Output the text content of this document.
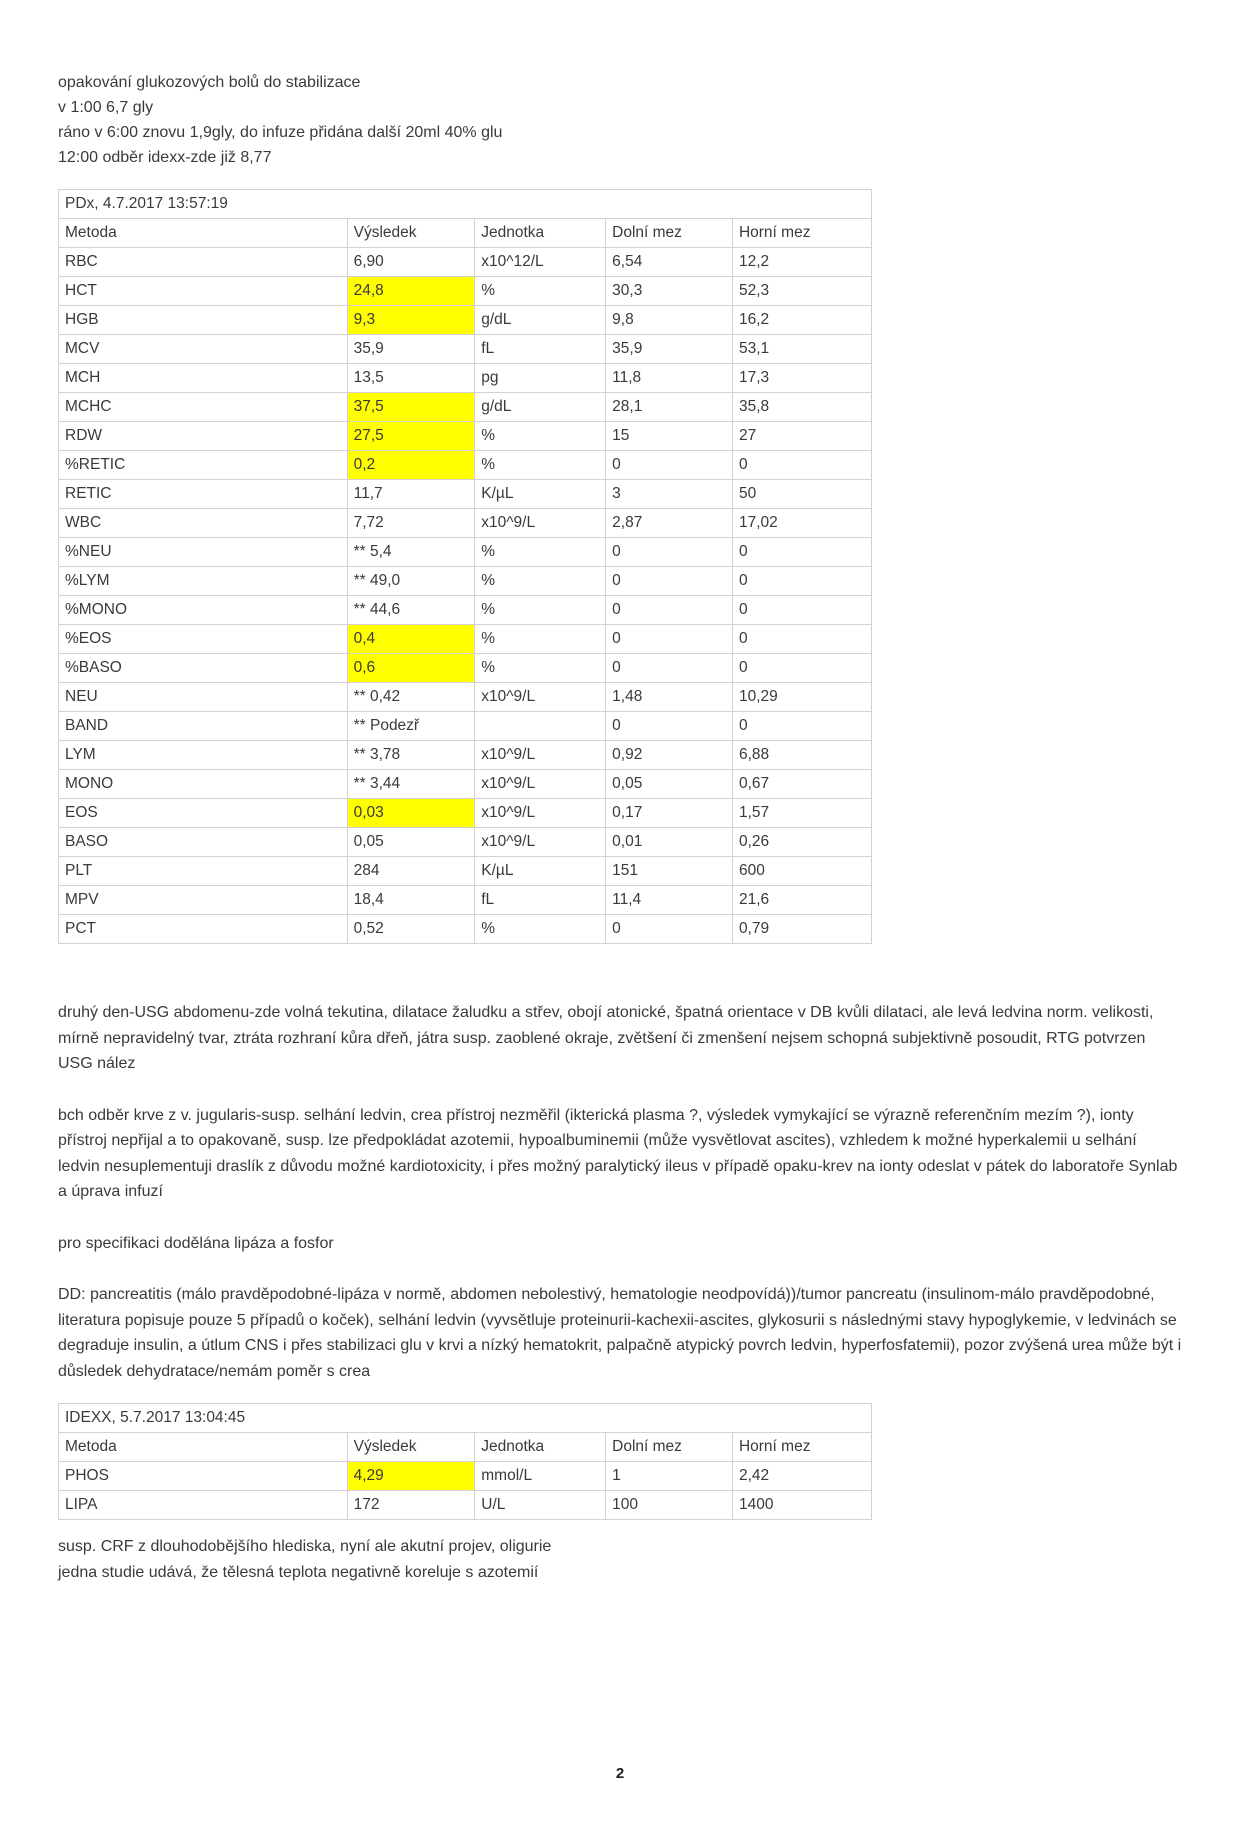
opakování glukozových bolů do stabilizace
v 1:00 6,7 gly
ráno v 6:00 znovu 1,9gly, do infuze přidána další 20ml 40% glu
12:00 odběr idexx-zde již 8,77
PDx, 4.7.2017 13:57:19				
Metoda	Výsledek	Jednotka	Dolní mez	Horní mez
RBC	6,90	x10^12/L	6,54	12,2
HCT	24,8	%	30,3	52,3
HGB	9,3	g/dL	9,8	16,2
MCV	35,9	fL	35,9	53,1
MCH	13,5	pg	11,8	17,3
MCHC	37,5	g/dL	28,1	35,8
RDW	27,5	%	15	27
%RETIC	0,2	%	0	0
RETIC	11,7	K/µL	3	50
WBC	7,72	x10^9/L	2,87	17,02
%NEU	** 5,4	%	0	0
%LYM	** 49,0	%	0	0
%MONO	** 44,6	%	0	0
%EOS	0,4	%	0	0
%BASO	0,6	%	0	0
NEU	** 0,42	x10^9/L	1,48	10,29
BAND	** Podezř		0	0
LYM	** 3,78	x10^9/L	0,92	6,88
MONO	** 3,44	x10^9/L	0,05	0,67
EOS	0,03	x10^9/L	0,17	1,57
BASO	0,05	x10^9/L	0,01	0,26
PLT	284	K/µL	151	600
MPV	18,4	fL	11,4	21,6
PCT	0,52	%	0	0,79

druhý den-USG abdomenu-zde volná tekutina, dilatace žaludku a střev, obojí atonické, špatná orientace v DB kvůli dilataci, ale levá ledvina norm. velikosti, mírně nepravidelný tvar, ztráta rozhraní kůra dřeň, játra susp. zaoblené okraje, zvětšení či zmenšení nejsem schopná subjektivně posoudit, RTG potvrzen USG nález

bch odběr krve z v. jugularis-susp. selhání ledvin, crea přístroj nezměřil (ikterická plasma ?, výsledek vymykající se výrazně referenčním mezím ?), ionty přístroj nepřijal a to opakovaně, susp. lze předpokládat azotemii, hypoalbuminemii (může vysvětlovat ascites), vzhledem k možné hyperkalemii u selhání ledvin nesuplementuji draslík z důvodu možné kardiotoxicity, i přes možný paralytický ileus v případě opaku-krev na ionty odeslat v pátek do laboratoře Synlab a úprava infuzí

pro specifikaci dodělána lipáza a fosfor

DD: pancreatitis (málo pravděpodobné-lipáza v normě, abdomen nebolestivý, hematologie neodpovídá))/tumor pancreatu (insulinom-málo pravděpodobné, literatura popisuje pouze 5 případů o koček), selhání ledvin (vyvsětluje proteinurii-kachexii-ascites, glykosurii s následnými stavy hypoglykemie, v ledvinách se degraduje insulin, a útlum CNS i přes stabilizaci glu v krvi a nízký hematokrit, palpačně atypický povrch ledvin, hyperfosfatemii), pozor zvýšená urea může být i důsledek dehydratace/nemám poměr s crea

IDEXX, 5.7.2017 13:04:45				
Metoda	Výsledek	Jednotka	Dolní mez	Horní mez
PHOS	4,29	mmol/L	1	2,42
LIPA	172	U/L	100	1400

susp. CRF z dlouhodobějšího hlediska, nyní ale akutní projev, oligurie
jedna studie udává, že tělesná teplota negativně koreluje s azotemií

2
